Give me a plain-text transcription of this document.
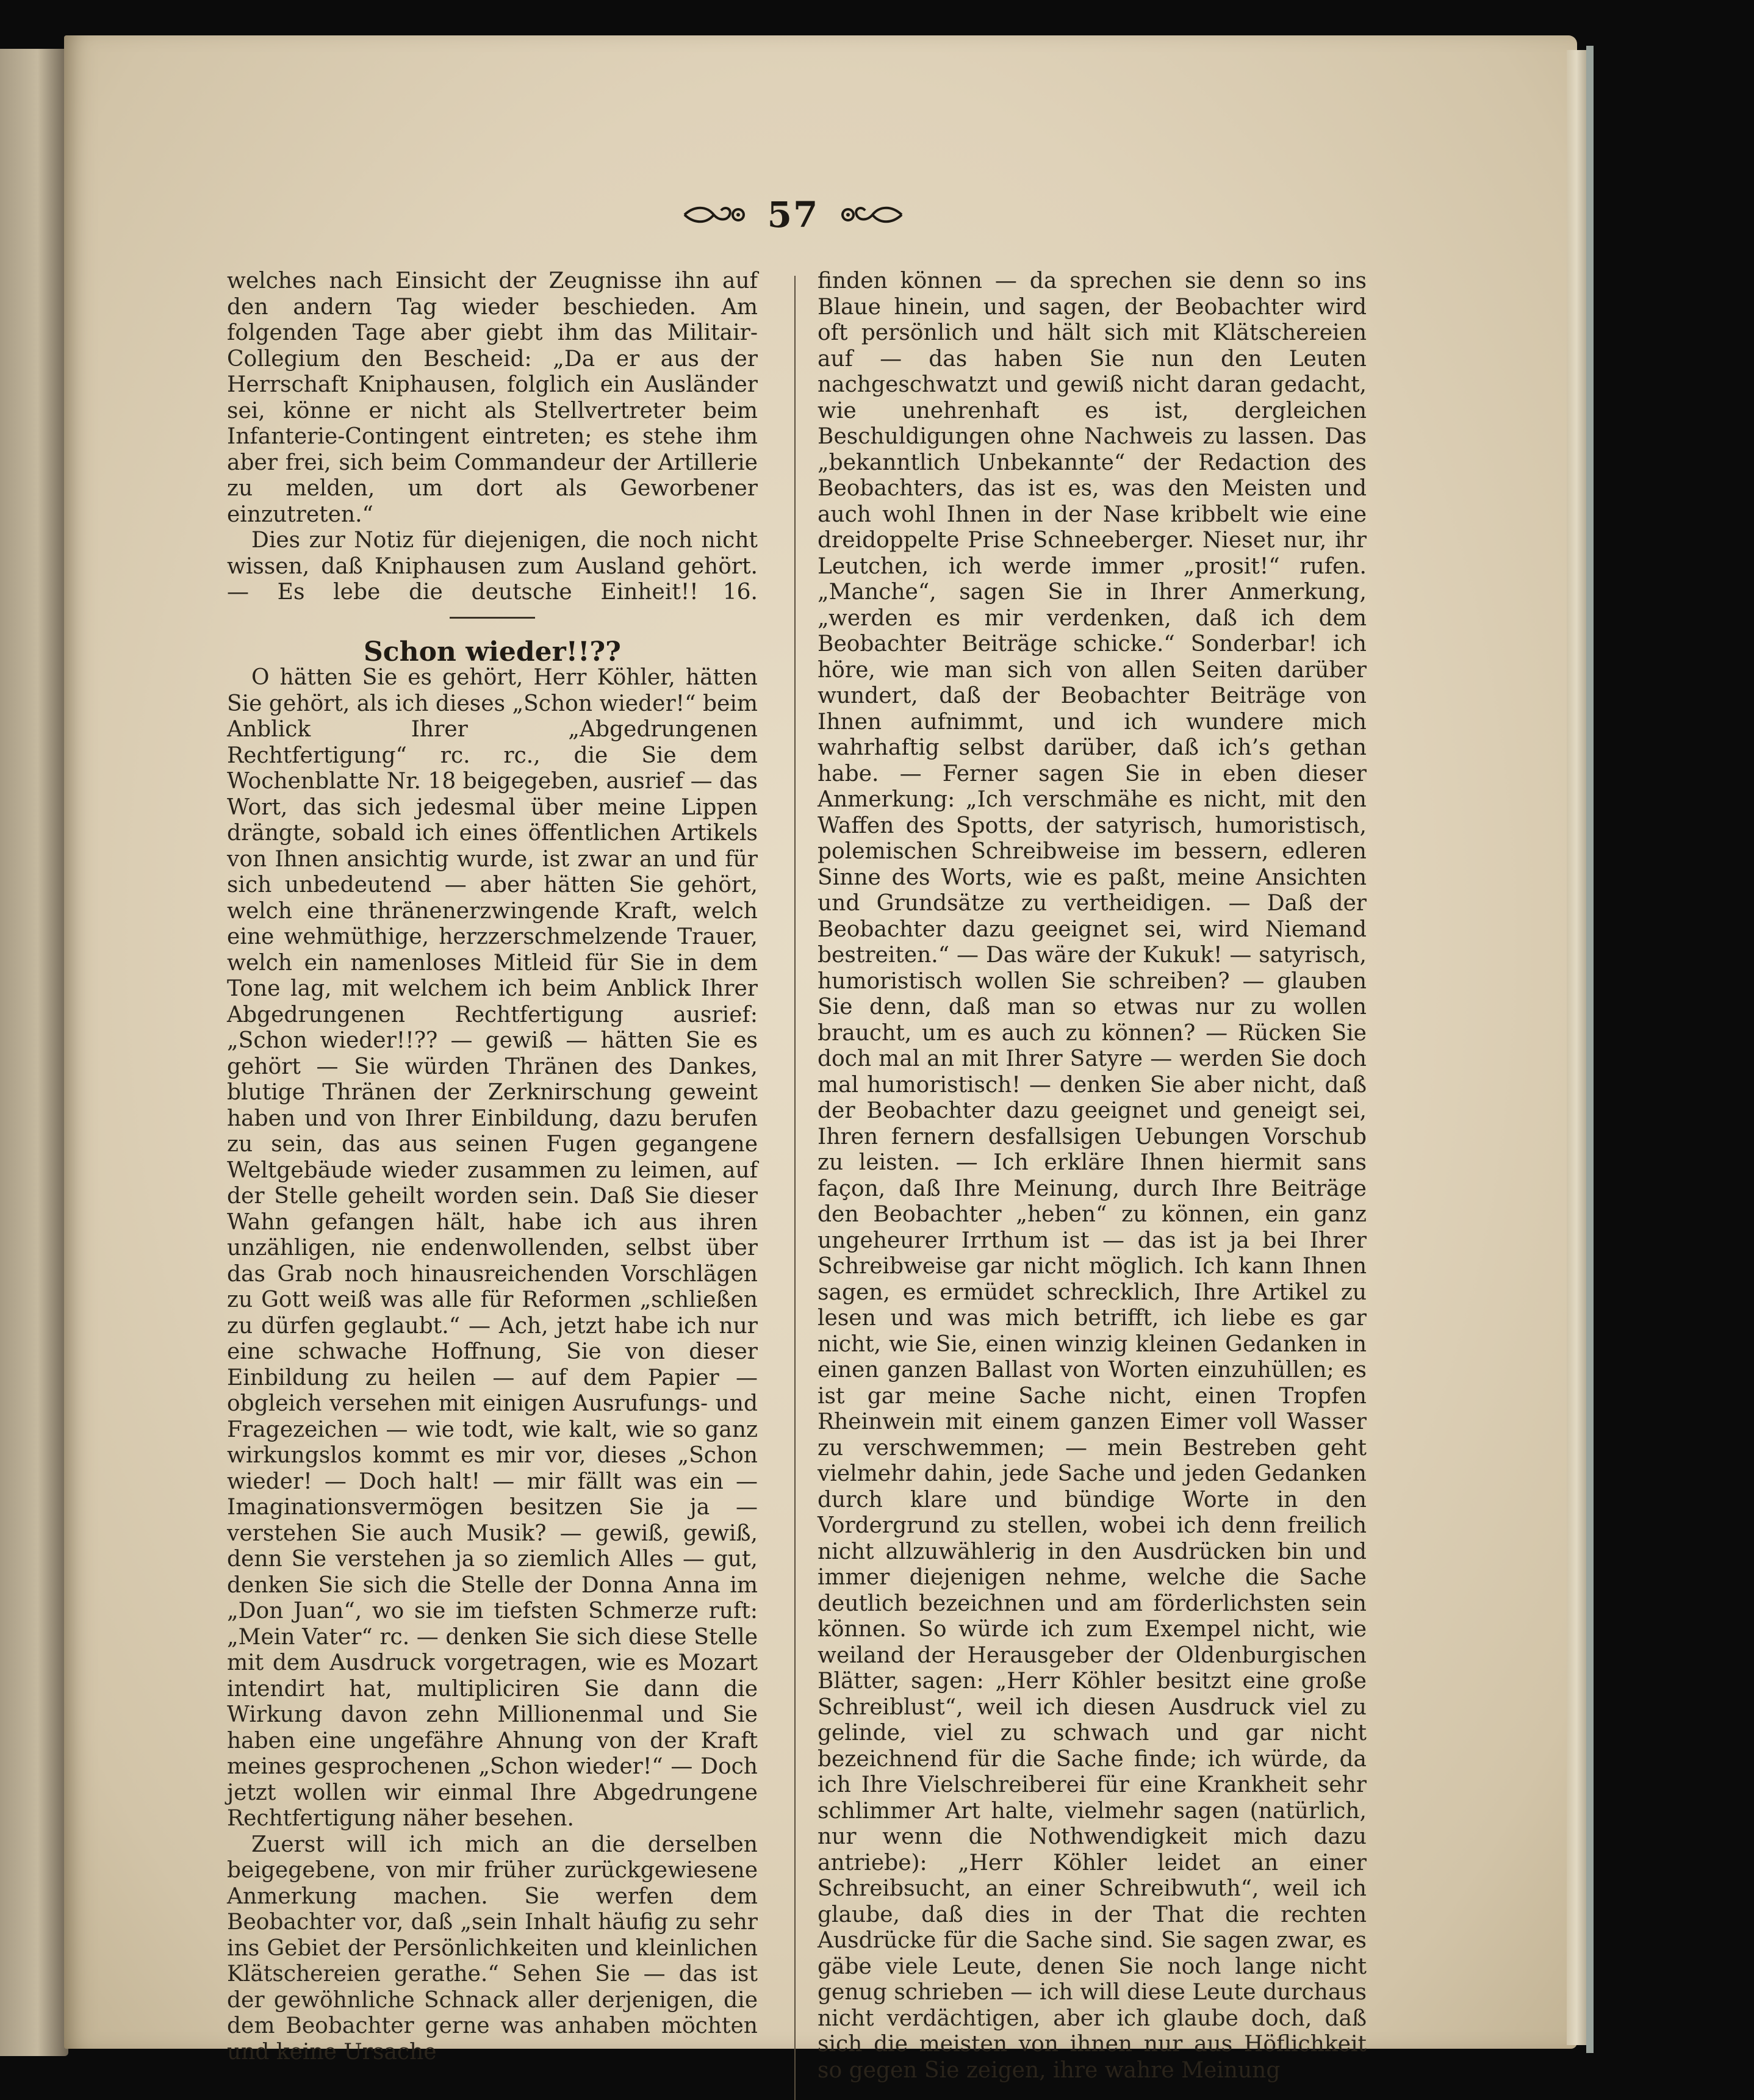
57

welches nach Einsicht der Zeugnisse ihn auf den andern Tag wieder beschieden. Am folgenden Tage aber giebt ihm das Militair-Collegium den Bescheid: „Da er aus der Herrschaft Kniphausen, folglich ein Ausländer sei, könne er nicht als Stellvertreter beim Infanterie-Contingent eintreten; es stehe ihm aber frei, sich beim Commandeur der Artillerie zu melden, um dort als Geworbener einzutreten.“

Dies zur Notiz für diejenigen, die noch nicht wissen, daß Kniphausen zum Ausland gehört. — Es lebe die deutsche Einheit!!	16.

Schon wieder!!??

O hätten Sie es gehört, Herr Köhler, hätten Sie gehört, als ich dieses „Schon wieder!“ beim Anblick Ihrer „Abgedrungenen Rechtfertigung“ rc. rc., die Sie dem Wochenblatte Nr. 18 beigegeben, ausrief — das Wort, das sich jedesmal über meine Lippen drängte, sobald ich eines öffentlichen Artikels von Ihnen ansichtig wurde, ist zwar an und für sich unbedeutend — aber hätten Sie gehört, welch eine thränenerzwingende Kraft, welch eine wehmüthige, herzzerschmelzende Trauer, welch ein namenloses Mitleid für Sie in dem Tone lag, mit welchem ich beim Anblick Ihrer Abgedrungenen Rechtfertigung ausrief: „Schon wieder!!?? — gewiß — hätten Sie es gehört — Sie würden Thränen des Dankes, blutige Thränen der Zerknirschung geweint haben und von Ihrer Einbildung, dazu berufen zu sein, das aus seinen Fugen gegangene Weltgebäude wieder zusammen zu leimen, auf der Stelle geheilt worden sein. Daß Sie dieser Wahn gefangen hält, habe ich aus ihren unzähligen, nie endenwollenden, selbst über das Grab noch hinausreichenden Vorschlägen zu Gott weiß was alle für Reformen „schließen zu dürfen geglaubt.“ — Ach, jetzt habe ich nur eine schwache Hoffnung, Sie von dieser Einbildung zu heilen — auf dem Papier — obgleich versehen mit einigen Ausrufungs- und Fragezeichen — wie todt, wie kalt, wie so ganz wirkungslos kommt es mir vor, dieses „Schon wieder! — Doch halt! — mir fällt was ein — Imaginationsvermögen besitzen Sie ja — verstehen Sie auch Musik? — gewiß, gewiß, denn Sie verstehen ja so ziemlich Alles — gut, denken Sie sich die Stelle der Donna Anna im „Don Juan“, wo sie im tiefsten Schmerze ruft: „Mein Vater“ rc. — denken Sie sich diese Stelle mit dem Ausdruck vorgetragen, wie es Mozart intendirt hat, multipliciren Sie dann die Wirkung davon zehn Millionenmal und Sie haben eine ungefähre Ahnung von der Kraft meines gesprochenen „Schon wieder!“ — Doch jetzt wollen wir einmal Ihre Abgedrungene Rechtfertigung näher besehen.

Zuerst will ich mich an die derselben beigegebene, von mir früher zurückgewiesene Anmerkung machen. Sie werfen dem Beobachter vor, daß „sein Inhalt häufig zu sehr ins Gebiet der Persönlichkeiten und kleinlichen Klätschereien gerathe.“ Sehen Sie — das ist der gewöhnliche Schnack aller derjenigen, die dem Beobachter gerne was anhaben möchten und keine Ursache

finden können — da sprechen sie denn so ins Blaue hinein, und sagen, der Beobachter wird oft persönlich und hält sich mit Klätschereien auf — das haben Sie nun den Leuten nachgeschwatzt und gewiß nicht daran gedacht, wie unehrenhaft es ist, dergleichen Beschuldigungen ohne Nachweis zu lassen. Das „bekanntlich Unbekannte“ der Redaction des Beobachters, das ist es, was den Meisten und auch wohl Ihnen in der Nase kribbelt wie eine dreidoppelte Prise Schneeberger. Nieset nur, ihr Leutchen, ich werde immer „prosit!“ rufen. „Manche“, sagen Sie in Ihrer Anmerkung, „werden es mir verdenken, daß ich dem Beobachter Beiträge schicke.“ Sonderbar! ich höre, wie man sich von allen Seiten darüber wundert, daß der Beobachter Beiträge von Ihnen aufnimmt, und ich wundere mich wahrhaftig selbst darüber, daß ich’s gethan habe. — Ferner sagen Sie in eben dieser Anmerkung: „Ich verschmähe es nicht, mit den Waffen des Spotts, der satyrisch, humoristisch, polemischen Schreibweise im bessern, edleren Sinne des Worts, wie es paßt, meine Ansichten und Grundsätze zu vertheidigen. — Daß der Beobachter dazu geeignet sei, wird Niemand bestreiten.“ — Das wäre der Kukuk! — satyrisch, humoristisch wollen Sie schreiben? — glauben Sie denn, daß man so etwas nur zu wollen braucht, um es auch zu können? — Rücken Sie doch mal an mit Ihrer Satyre — werden Sie doch mal humoristisch! — denken Sie aber nicht, daß der Beobachter dazu geeignet und geneigt sei, Ihren fernern desfallsigen Uebungen Vorschub zu leisten. — Ich erkläre Ihnen hiermit sans façon, daß Ihre Meinung, durch Ihre Beiträge den Beobachter „heben“ zu können, ein ganz ungeheurer Irrthum ist — das ist ja bei Ihrer Schreibweise gar nicht möglich. Ich kann Ihnen sagen, es ermüdet schrecklich, Ihre Artikel zu lesen und was mich betrifft, ich liebe es gar nicht, wie Sie, einen winzig kleinen Gedanken in einen ganzen Ballast von Worten einzuhüllen; es ist gar meine Sache nicht, einen Tropfen Rheinwein mit einem ganzen Eimer voll Wasser zu verschwemmen; — mein Bestreben geht vielmehr dahin, jede Sache und jeden Gedanken durch klare und bündige Worte in den Vordergrund zu stellen, wobei ich denn freilich nicht allzuwählerig in den Ausdrücken bin und immer diejenigen nehme, welche die Sache deutlich bezeichnen und am förderlichsten sein können. So würde ich zum Exempel nicht, wie weiland der Herausgeber der Oldenburgischen Blätter, sagen: „Herr Köhler besitzt eine große Schreiblust“, weil ich diesen Ausdruck viel zu gelinde, viel zu schwach und gar nicht bezeichnend für die Sache finde; ich würde, da ich Ihre Vielschreiberei für eine Krankheit sehr schlimmer Art halte, vielmehr sagen (natürlich, nur wenn die Nothwendigkeit mich dazu antriebe): „Herr Köhler leidet an einer Schreibsucht, an einer Schreibwuth“, weil ich glaube, daß dies in der That die rechten Ausdrücke für die Sache sind. Sie sagen zwar, es gäbe viele Leute, denen Sie noch lange nicht genug schrieben — ich will diese Leute durchaus nicht verdächtigen, aber ich glaube doch, daß sich die meisten von ihnen nur aus Höflichkeit so gegen Sie zeigen, ihre wahre Meinung
